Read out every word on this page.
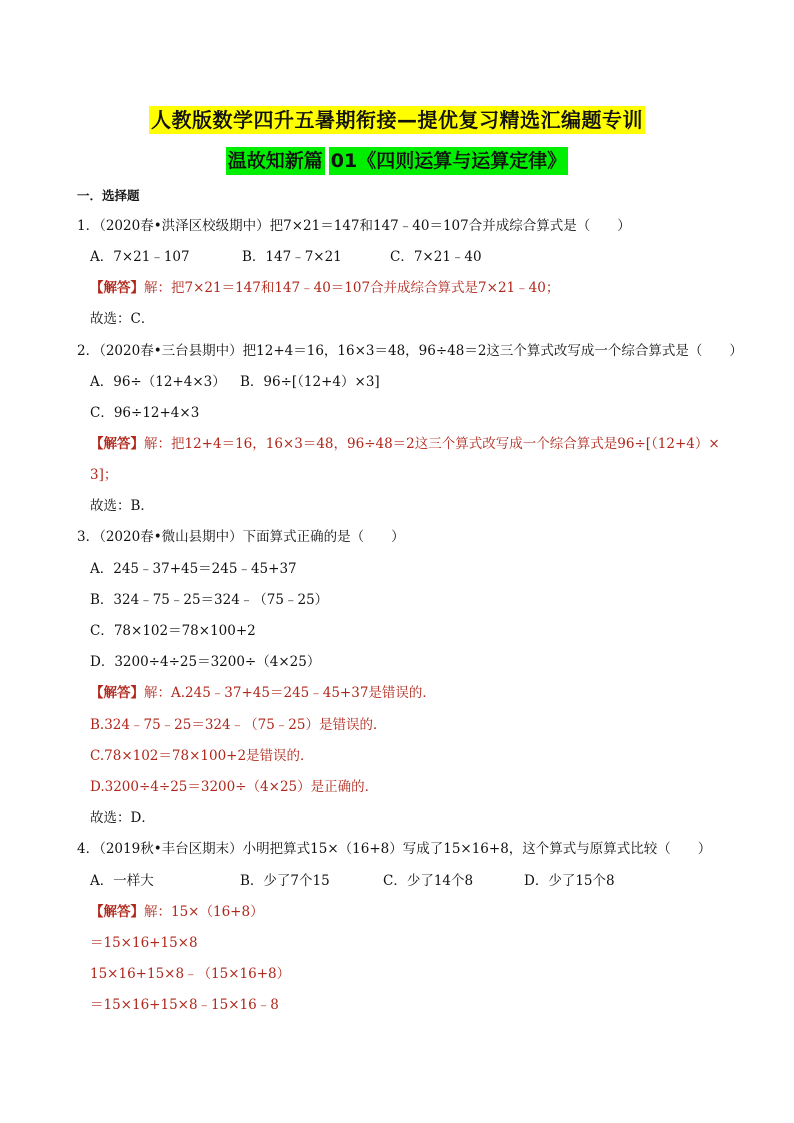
人教版数学四升五暑期衔接—提优复习精选汇编题专训
温故知新篇 01《四则运算与运算定律》
一．选择题
1．（2020春•洪泽区校级期中）把7×21＝147和147﹣40＝107合并成综合算式是（　　）
A．7×21﹣107	B．147﹣7×21	C．7×21﹣40
【解答】解：把7×21＝147和147﹣40＝107合并成综合算式是7×21﹣40；
故选：C．
2．（2020春•三台县期中）把12+4＝16，16×3＝48，96÷48＝2这三个算式改写成一个综合算式是（　　）
A．96÷（12+4×3） B．96÷[（12+4）×3]
C．96÷12+4×3
【解答】解：把12+4＝16，16×3＝48，96÷48＝2这三个算式改写成一个综合算式是96÷[（12+4）×
3]；
故选：B．
3．（2020春•微山县期中）下面算式正确的是（　　）
A．245﹣37+45＝245﹣45+37
B．324﹣75﹣25＝324﹣（75﹣25）
C．78×102＝78×100+2
D．3200÷4÷25＝3200÷（4×25）
【解答】解：A.245﹣37+45＝245﹣45+37是错误的．
B.324﹣75﹣25＝324﹣（75﹣25）是错误的．
C.78×102＝78×100+2是错误的．
D.3200÷4÷25＝3200÷（4×25）是正确的．
故选：D．
4．（2019秋•丰台区期末）小明把算式15×（16+8）写成了15×16+8，这个算式与原算式比较（　　）
A．一样大	B．少了7个15	C．少了14个8	D．少了15个8
【解答】解：15×（16+8）
＝15×16+15×8
15×16+15×8﹣（15×16+8）
＝15×16+15×8﹣15×16﹣8
